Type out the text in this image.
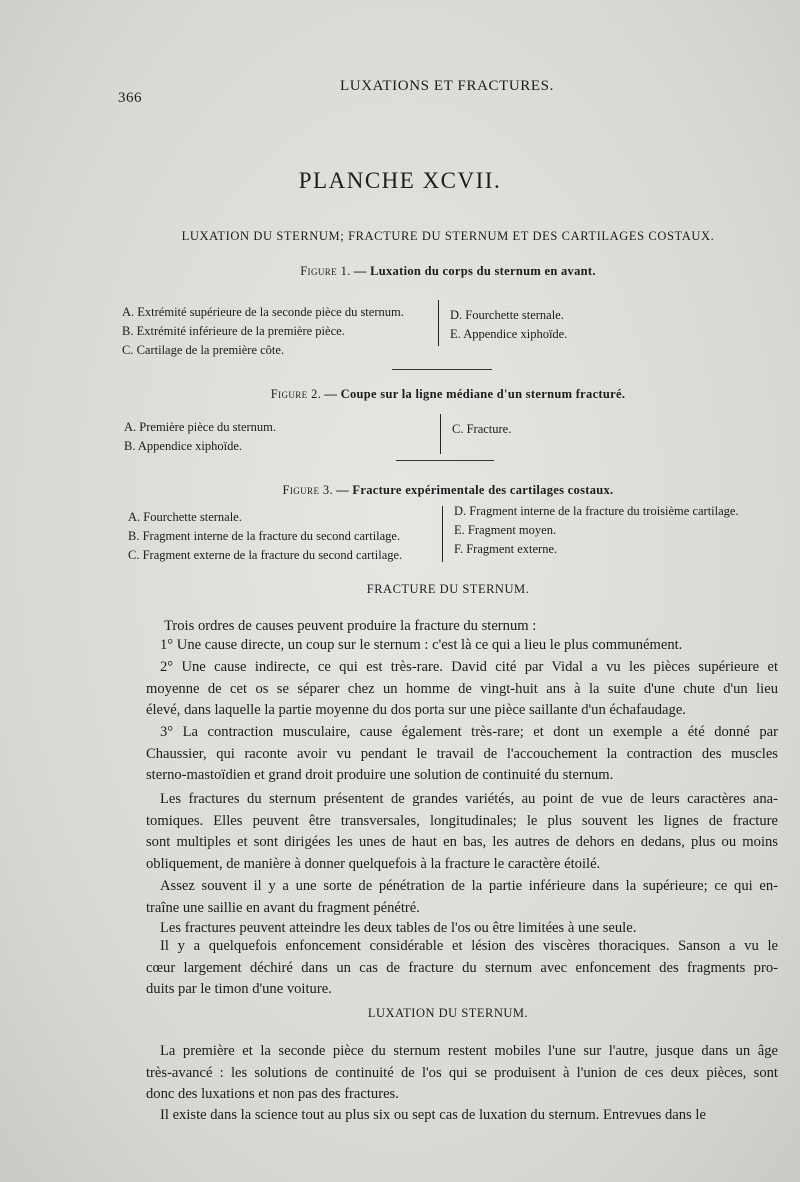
366
LUXATIONS ET FRACTURES.
PLANCHE XCVII.
LUXATION DU STERNUM; FRACTURE DU STERNUM ET DES CARTILAGES COSTAUX.
Figure 1. — Luxation du corps du sternum en avant.
A. Extrémité supérieure de la seconde pièce du sternum.
B. Extrémité inférieure de la première pièce.
C. Cartilage de la première côte.
D. Fourchette sternale.
E. Appendice xiphoïde.
Figure 2. — Coupe sur la ligne médiane d'un sternum fracturé.
A. Première pièce du sternum.
B. Appendice xiphoïde.
C. Fracture.
Figure 3. — Fracture expérimentale des cartilages costaux.
A. Fourchette sternale.
B. Fragment interne de la fracture du second cartilage.
C. Fragment externe de la fracture du second cartilage.
D. Fragment interne de la fracture du troisième cartilage.
E. Fragment moyen.
F. Fragment externe.
FRACTURE DU STERNUM.
Trois ordres de causes peuvent produire la fracture du sternum :
1° Une cause directe, un coup sur le sternum : c'est là ce qui a lieu le plus communément.
2° Une cause indirecte, ce qui est très-rare. David cité par Vidal a vu les pièces supérieure et
moyenne de cet os se séparer chez un homme de vingt-huit ans à la suite d'une chute d'un lieu
élevé, dans laquelle la partie moyenne du dos porta sur une pièce saillante d'un échafaudage.
3° La contraction musculaire, cause également très-rare; et dont un exemple a été donné par
Chaussier, qui raconte avoir vu pendant le travail de l'accouchement la contraction des muscles
sterno-mastoïdien et grand droit produire une solution de continuité du sternum.
Les fractures du sternum présentent de grandes variétés, au point de vue de leurs caractères ana-
tomiques. Elles peuvent être transversales, longitudinales; le plus souvent les lignes de fracture
sont multiples et sont dirigées les unes de haut en bas, les autres de dehors en dedans, plus ou moins
obliquement, de manière à donner quelquefois à la fracture le caractère étoilé.
Assez souvent il y a une sorte de pénétration de la partie inférieure dans la supérieure; ce qui en-
traîne une saillie en avant du fragment pénétré.
Les fractures peuvent atteindre les deux tables de l'os ou être limitées à une seule.
Il y a quelquefois enfoncement considérable et lésion des viscères thoraciques. Sanson a vu le
cœur largement déchiré dans un cas de fracture du sternum avec enfoncement des fragments pro-
duits par le timon d'une voiture.
LUXATION DU STERNUM.
La première et la seconde pièce du sternum restent mobiles l'une sur l'autre, jusque dans un âge
très-avancé : les solutions de continuité de l'os qui se produisent à l'union de ces deux pièces, sont
donc des luxations et non pas des fractures.
Il existe dans la science tout au plus six ou sept cas de luxation du sternum. Entrevues dans le
